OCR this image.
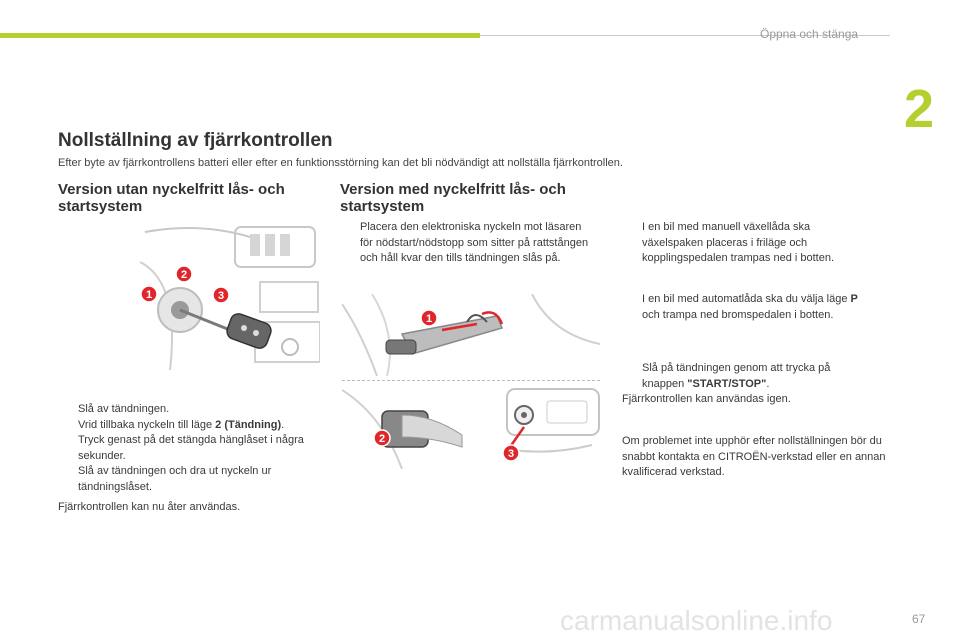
Öppna och stänga
2
Nollställning av fjärrkontrollen
Efter byte av fjärrkontrollens batteri eller efter en funktionsstörning kan det bli nödvändigt att nollställa fjärrkontrollen.
Version utan nyckelfritt lås- och startsystem
1
2
3
Slå av tändningen.
Vrid tillbaka nyckeln till läge 2 (Tändning).
Tryck genast på det stängda hänglåset i några sekunder.
Slå av tändningen och dra ut nyckeln ur tändningslåset.
Fjärrkontrollen kan nu åter användas.
Version med nyckelfritt lås- och startsystem
Placera den elektroniska nyckeln mot läsaren för nödstart/nödstopp som sitter på rattstången och håll kvar den tills tändningen slås på.
1
2
3
I en bil med manuell växellåda ska växelspaken placeras i friläge och kopplingspedalen trampas ned i botten.
I en bil med automatlåda ska du välja läge P och trampa ned bromspedalen i botten.
Slå på tändningen genom att trycka på knappen "START/STOP".
Fjärrkontrollen kan användas igen.
Om problemet inte upphör efter nollställningen bör du snabbt kontakta en CITROËN-verkstad eller en annan kvalificerad verkstad.
carmanualsonline.info	67
